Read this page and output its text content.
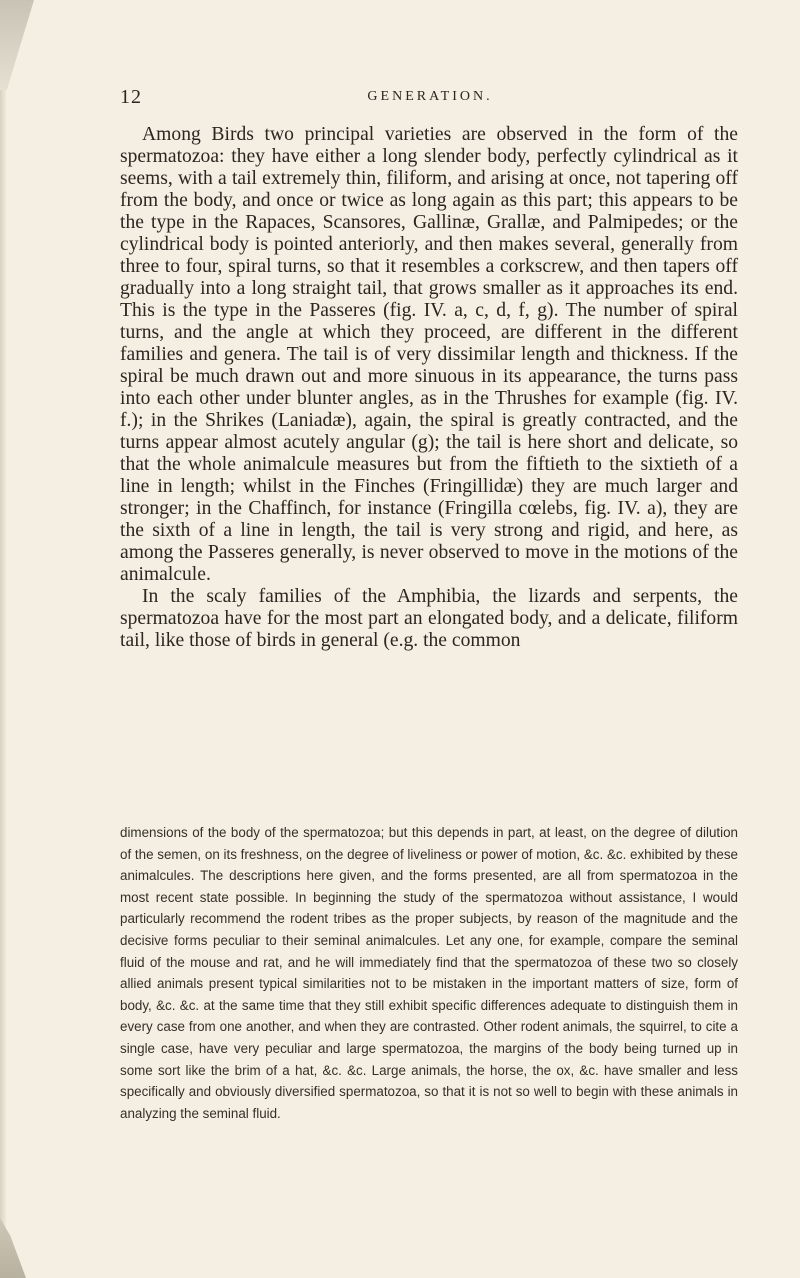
12	GENERATION.

Among Birds two principal varieties are observed in the form of the spermatozoa: they have either a long slender body, perfectly cylindrical as it seems, with a tail extremely thin, filiform, and arising at once, not tapering off from the body, and once or twice as long again as this part; this appears to be the type in the Rapaces, Scansores, Gallinæ, Grallæ, and Palmipedes; or the cylindrical body is pointed anteriorly, and then makes several, generally from three to four, spiral turns, so that it resembles a corkscrew, and then tapers off gradually into a long straight tail, that grows smaller as it approaches its end. This is the type in the Passeres (fig. IV. a, c, d, f, g). The number of spiral turns, and the angle at which they proceed, are different in the different families and genera. The tail is of very dissimilar length and thickness. If the spiral be much drawn out and more sinuous in its appearance, the turns pass into each other under blunter angles, as in the Thrushes for example (fig. IV. f.); in the Shrikes (Laniadæ), again, the spiral is greatly contracted, and the turns appear almost acutely angular (g); the tail is here short and delicate, so that the whole animalcule measures but from the fiftieth to the sixtieth of a line in length; whilst in the Finches (Fringillidæ) they are much larger and stronger; in the Chaffinch, for instance (Fringilla cœlebs, fig. IV. a), they are the sixth of a line in length, the tail is very strong and rigid, and here, as among the Passeres generally, is never observed to move in the motions of the animalcule.

In the scaly families of the Amphibia, the lizards and serpents, the spermatozoa have for the most part an elongated body, and a delicate, filiform tail, like those of birds in general (e.g. the common

dimensions of the body of the spermatozoa; but this depends in part, at least, on the degree of dilution of the semen, on its freshness, on the degree of liveliness or power of motion, &c. &c. exhibited by these animalcules. The descriptions here given, and the forms presented, are all from spermatozoa in the most recent state possible. In beginning the study of the spermatozoa without assistance, I would particularly recommend the rodent tribes as the proper subjects, by reason of the magnitude and the decisive forms peculiar to their seminal animalcules. Let any one, for example, compare the seminal fluid of the mouse and rat, and he will immediately find that the spermatozoa of these two so closely allied animals present typical similarities not to be mistaken in the important matters of size, form of body, &c. &c. at the same time that they still exhibit specific differences adequate to distinguish them in every case from one another, and when they are contrasted. Other rodent animals, the squirrel, to cite a single case, have very peculiar and large spermatozoa, the margins of the body being turned up in some sort like the brim of a hat, &c. &c. Large animals, the horse, the ox, &c. have smaller and less specifically and obviously diversified spermatozoa, so that it is not so well to begin with these animals in analyzing the seminal fluid.
